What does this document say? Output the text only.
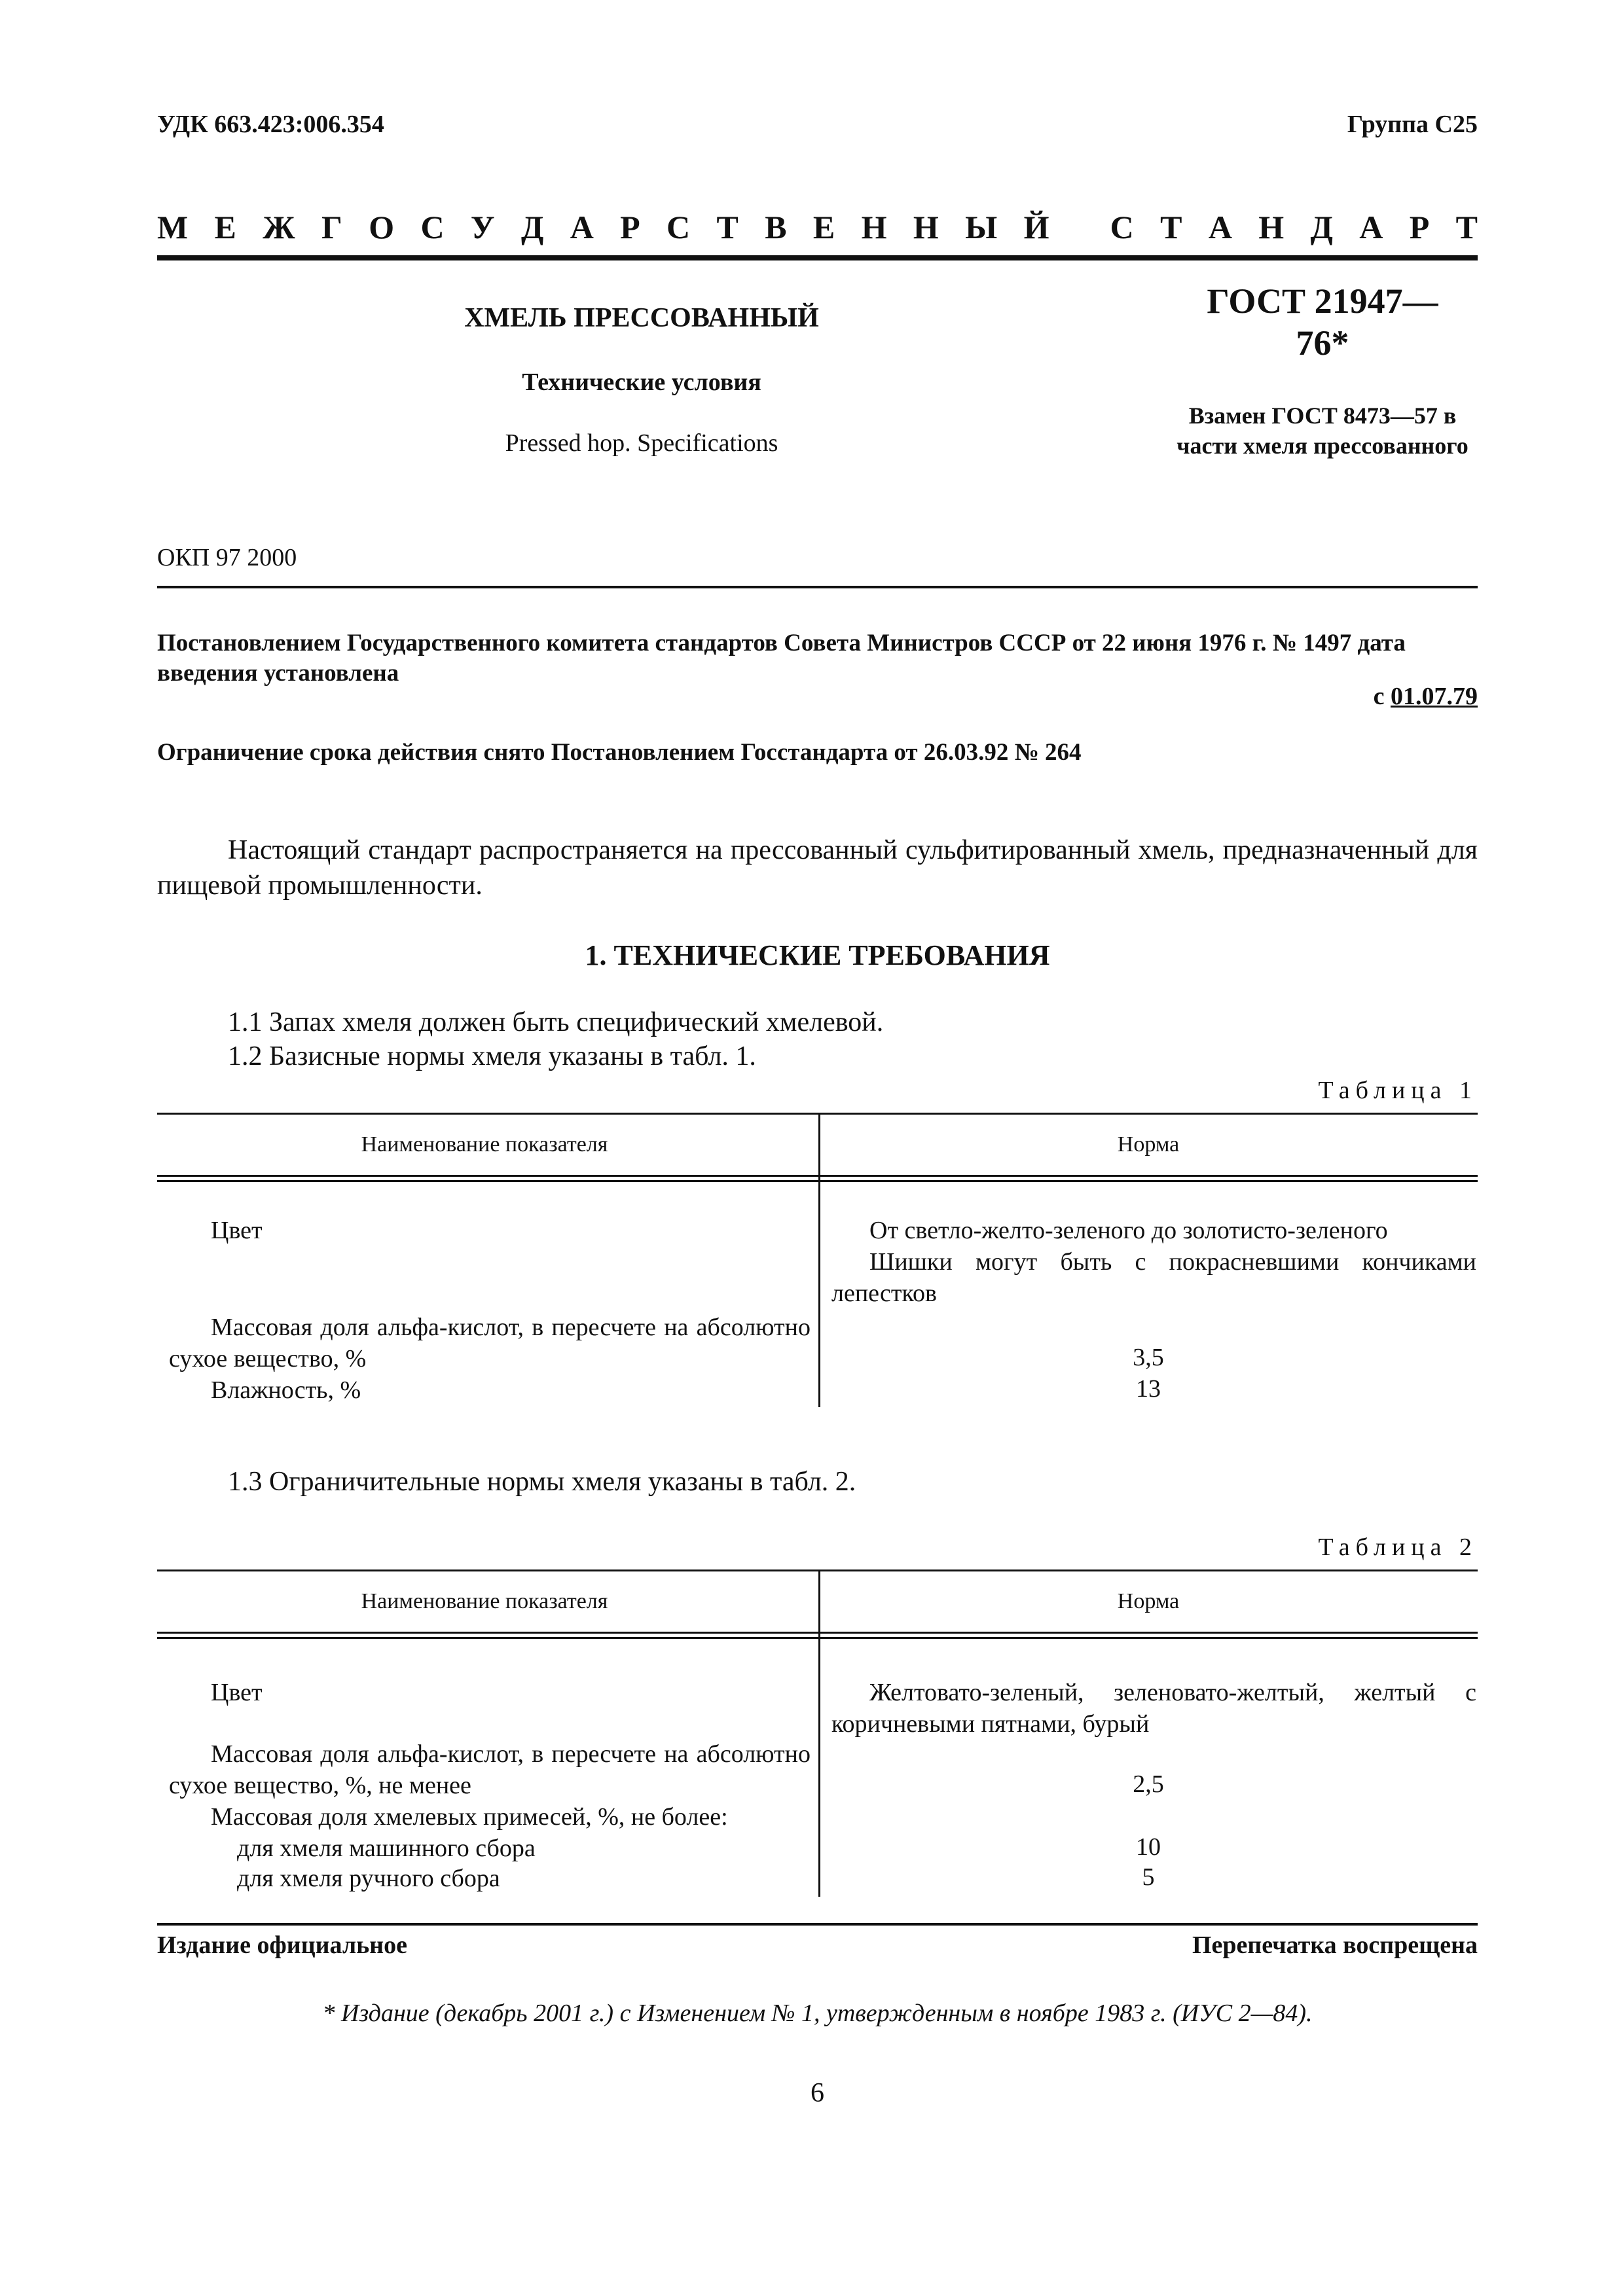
УДК 663.423:006.354	Группа С25
М Е Ж Г О С У Д А Р С Т В Е Н Н Ы Й
С Т А Н Д А Р Т
ХМЕЛЬ ПРЕССОВАННЫЙ
Технические условия
Pressed hop. Specifications
ГОСТ 21947—76*
Взамен ГОСТ 8473—57 в части хмеля прессованного
ОКП 97 2000
Постановлением Государственного комитета стандартов Совета Министров СССР от 22 июня 1976 г. № 1497 дата введения установлена
с 01.07.79
Ограничение срока действия снято Постановлением Госстандарта от 26.03.92 № 264
Настоящий стандарт распространяется на прессованный сульфитированный хмель, предназначенный для пищевой промышленности.
1. ТЕХНИЧЕСКИЕ ТРЕБОВАНИЯ
1.1 Запах хмеля должен быть специфический хмелевой.
1.2 Базисные нормы хмеля указаны в табл. 1.
Таблица 1
Наименование показателя	Норма
Цвет	От светло-желто-зеленого до золотисто-зеленого
Шишки могут быть с покрасневшими кончиками лепестков
Массовая доля альфа-кислот, в пересчете на абсолютно сухое вещество, %	3,5
Влажность, %	13
1.3 Ограничительные нормы хмеля указаны в табл. 2.
Таблица 2
Наименование показателя	Норма
Цвет	Желтовато-зеленый, зеленовато-желтый, желтый с коричневыми пятнами, бурый
Массовая доля альфа-кислот, в пересчете на абсолютно сухое вещество, %, не менее	2,5
Массовая доля хмелевых примесей, %, не более:
для хмеля машинного сбора	10
для хмеля ручного сбора	5
Издание официальное	Перепечатка воспрещена
* Издание (декабрь 2001 г.) с Изменением № 1, утвержденным в ноябре 1983 г. (ИУС 2—84).
6
